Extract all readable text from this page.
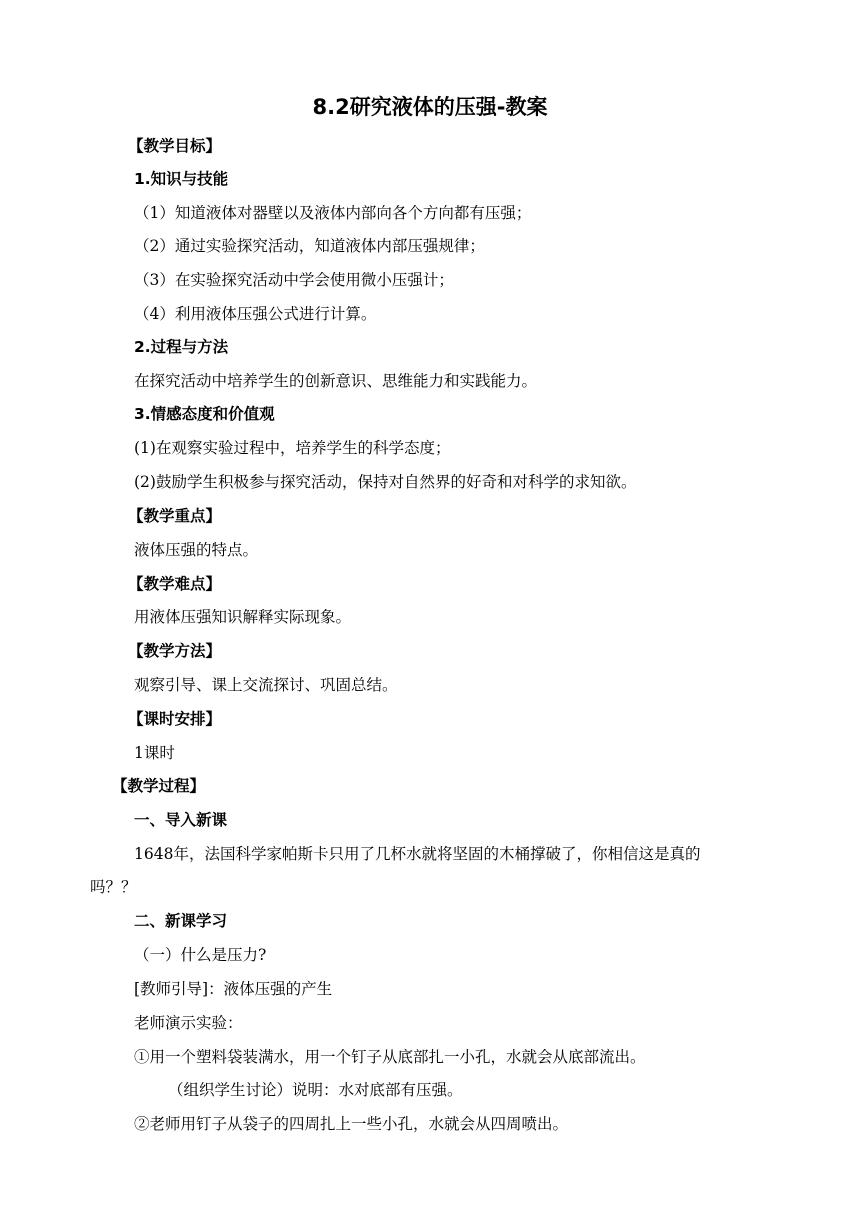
8.2研究液体的压强-教案
【教学目标】
1.知识与技能
（1）知道液体对器壁以及液体内部向各个方向都有压强；
（2）通过实验探究活动，知道液体内部压强规律；
（3）在实验探究活动中学会使用微小压强计；
（4）利用液体压强公式进行计算。
2.过程与方法
在探究活动中培养学生的创新意识、思维能力和实践能力。
3.情感态度和价值观
(1)在观察实验过程中，培养学生的科学态度；
(2)鼓励学生积极参与探究活动，保持对自然界的好奇和对科学的求知欲。
【教学重点】
液体压强的特点。
【教学难点】
用液体压强知识解释实际现象。
【教学方法】
观察引导、课上交流探讨、巩固总结。
【课时安排】
1课时
【教学过程】
一、导入新课
1648年，法国科学家帕斯卡只用了几杯水就将坚固的木桶撑破了，你相信这是真的
吗？？
二、新课学习
（一）什么是压力?
[教师引导]：液体压强的产生
老师演示实验：
①用一个塑料袋装满水，用一个钉子从底部扎一小孔，水就会从底部流出。
（组织学生讨论）说明：水对底部有压强。
②老师用钉子从袋子的四周扎上一些小孔，水就会从四周喷出。
